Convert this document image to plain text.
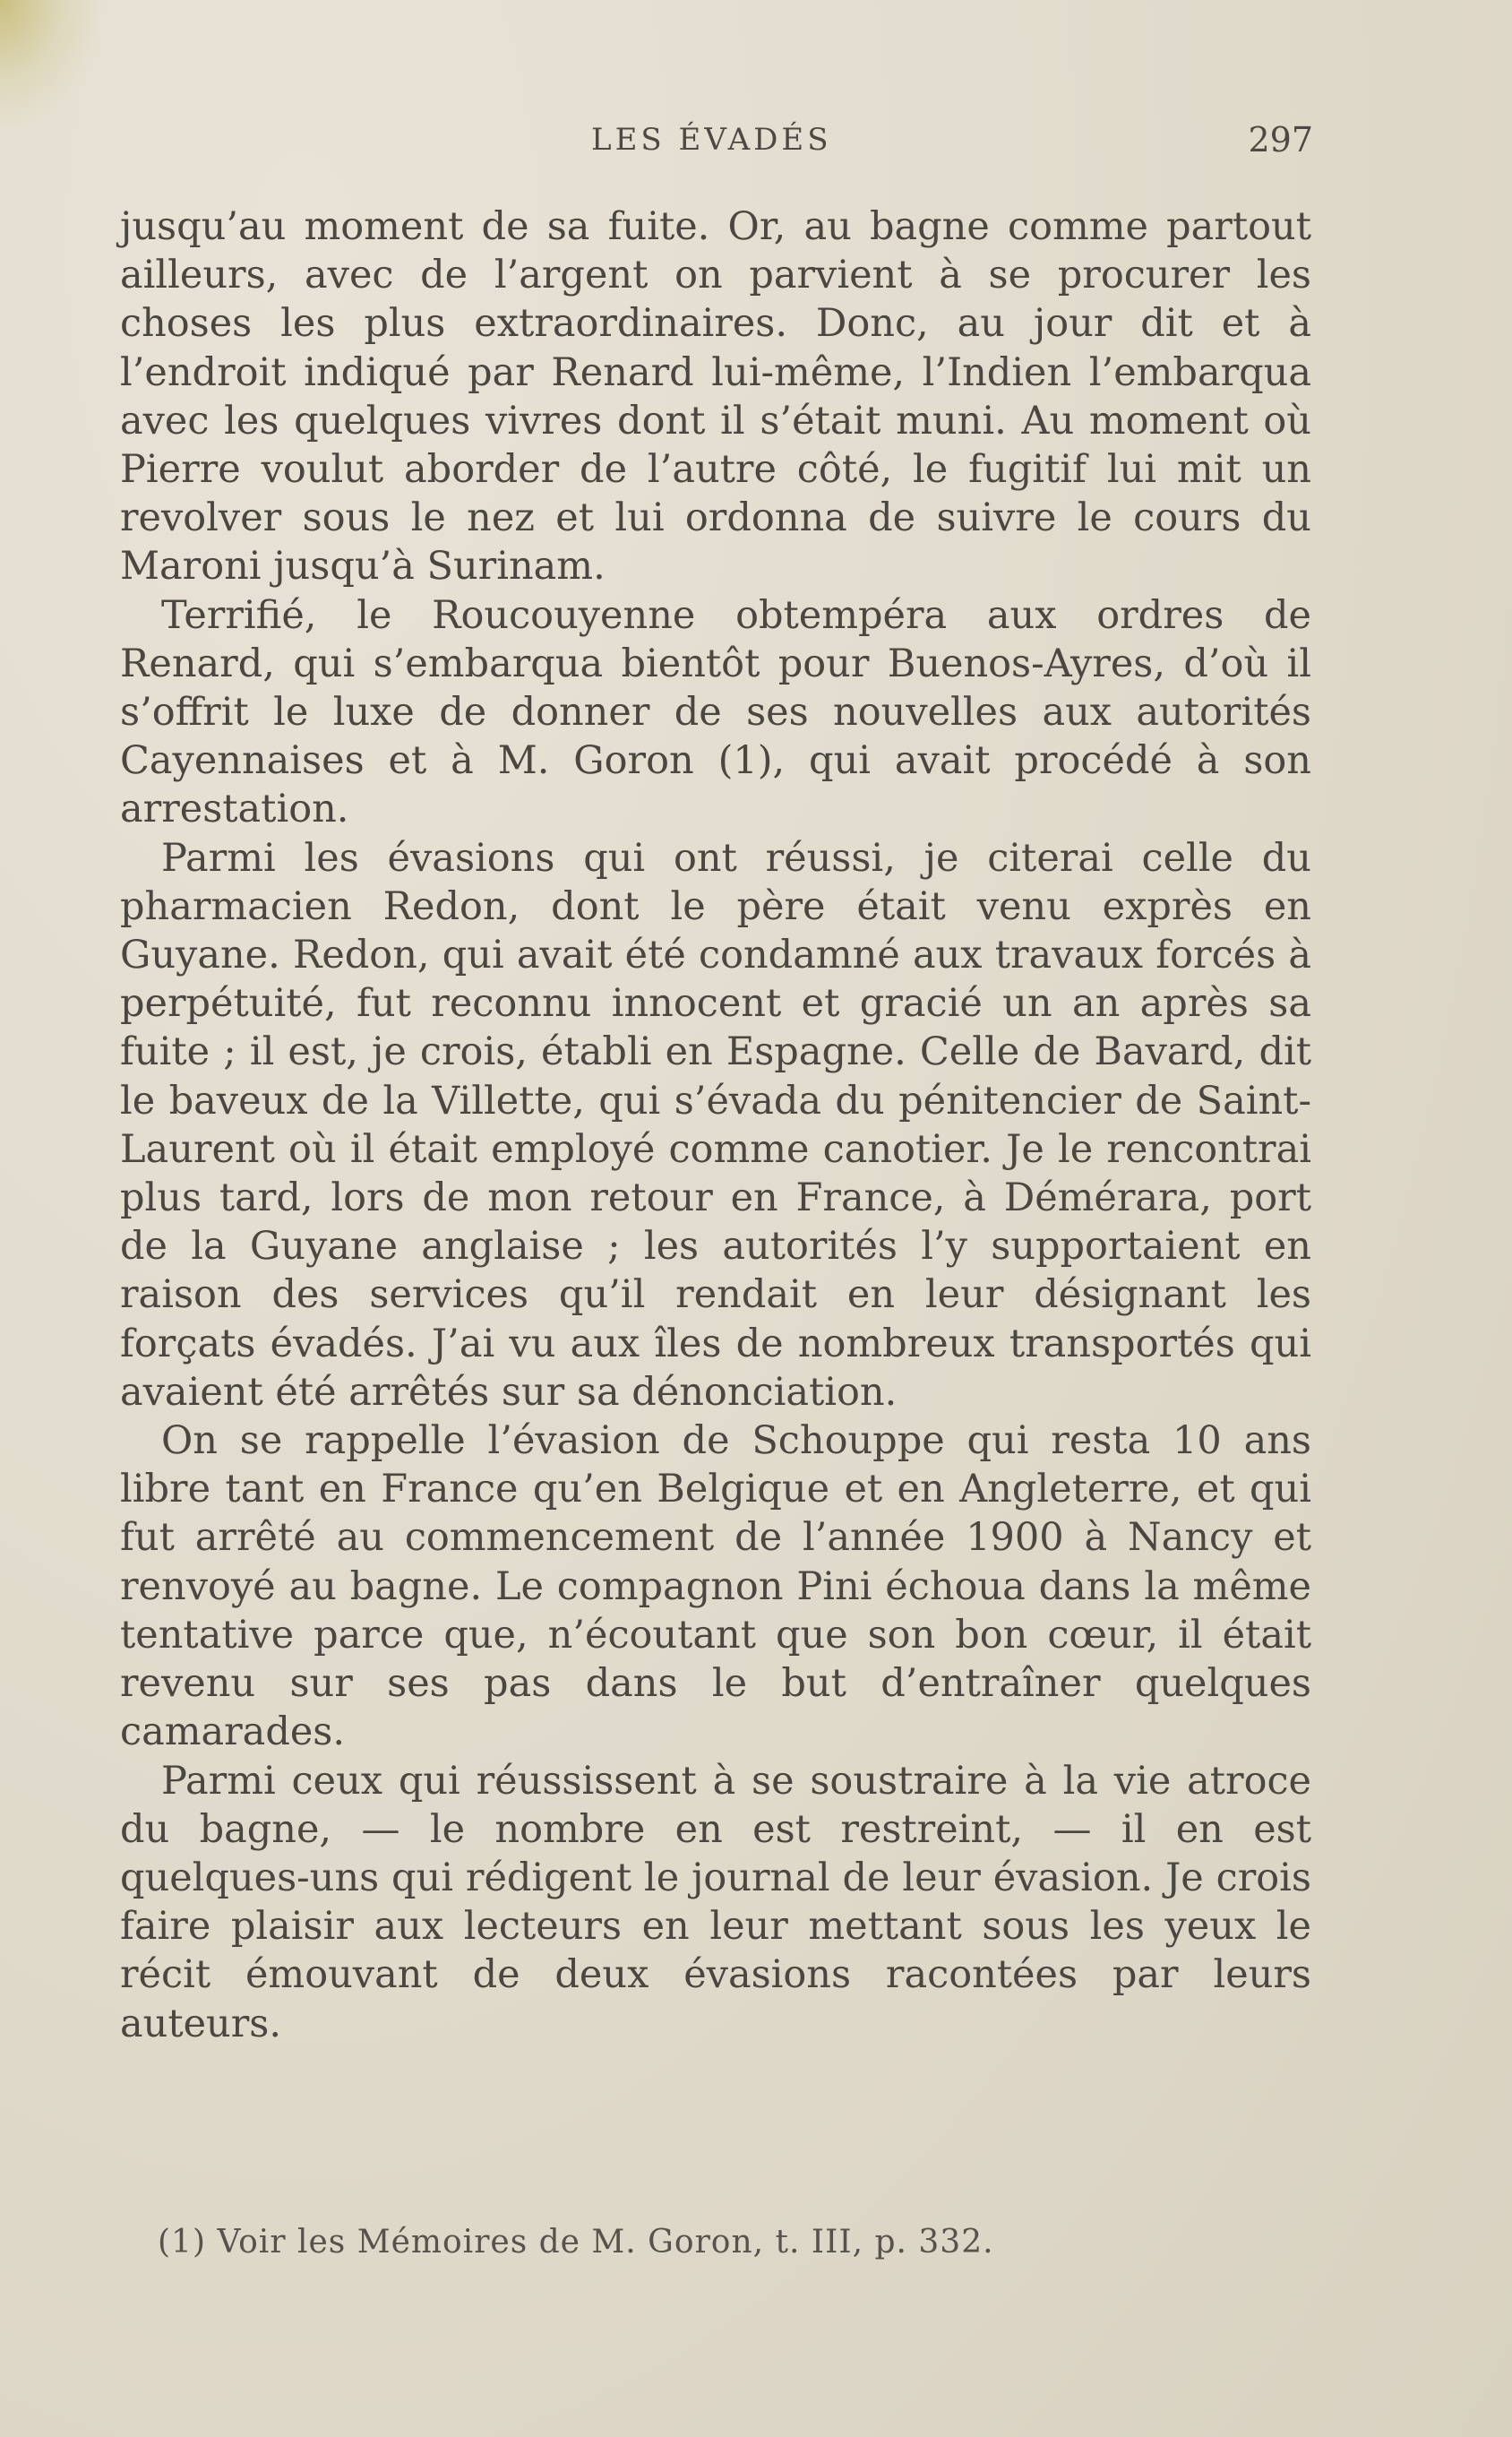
LES ÉVADÉS	297

jusqu’au moment de sa fuite. Or, au bagne comme partout ailleurs, avec de l’argent on parvient à se procurer les choses les plus extraordinaires. Donc, au jour dit et à l’endroit indiqué par Renard lui-même, l’Indien l’embarqua avec les quelques vivres dont il s’était muni. Au moment où Pierre voulut aborder de l’autre côté, le fugitif lui mit un revolver sous le nez et lui ordonna de suivre le cours du Maroni jusqu’à Surinam.

Terrifié, le Roucouyenne obtempéra aux ordres de Renard, qui s’embarqua bientôt pour Buenos-Ayres, d’où il s’offrit le luxe de donner de ses nouvelles aux autorités Cayennaises et à M. Goron (1), qui avait procédé à son arrestation.

Parmi les évasions qui ont réussi, je citerai celle du pharmacien Redon, dont le père était venu exprès en Guyane. Redon, qui avait été condamné aux travaux forcés à perpétuité, fut reconnu innocent et gracié un an après sa fuite ; il est, je crois, établi en Espagne. Celle de Bavard, dit le baveux de la Villette, qui s’évada du pénitencier de Saint-Laurent où il était employé comme canotier. Je le rencontrai plus tard, lors de mon retour en France, à Démérara, port de la Guyane anglaise ; les autorités l’y supportaient en raison des services qu’il rendait en leur désignant les forçats évadés. J’ai vu aux îles de nombreux transportés qui avaient été arrêtés sur sa dénonciation.

On se rappelle l’évasion de Schouppe qui resta 10 ans libre tant en France qu’en Belgique et en Angleterre, et qui fut arrêté au commencement de l’année 1900 à Nancy et renvoyé au bagne. Le compagnon Pini échoua dans la même tentative parce que, n’écoutant que son bon cœur, il était revenu sur ses pas dans le but d’entraîner quelques camarades.

Parmi ceux qui réussissent à se soustraire à la vie atroce du bagne, — le nombre en est restreint, — il en est quelques-uns qui rédigent le journal de leur évasion. Je crois faire plaisir aux lecteurs en leur mettant sous les yeux le récit émouvant de deux évasions racontées par leurs auteurs.

(1) Voir les Mémoires de M. Goron, t. III, p. 332.
